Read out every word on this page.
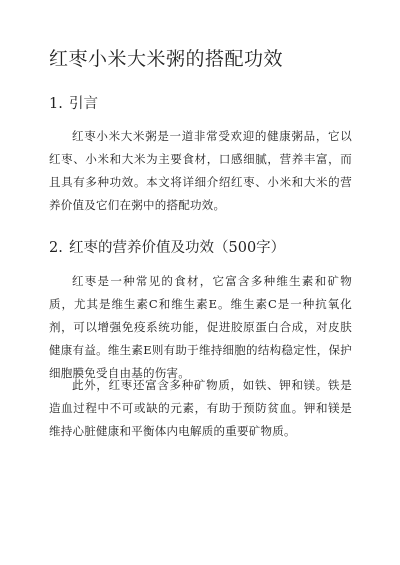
红枣小米大米粥的搭配功效
1. 引言

红枣小米大米粥是一道非常受欢迎的健康粥品，它以红枣、小米和大米为主要食材，口感细腻，营养丰富，而且具有多种功效。本文将详细介绍红枣、小米和大米的营养价值及它们在粥中的搭配功效。

2. 红枣的营养价值及功效（500字）

红枣是一种常见的食材，它富含多种维生素和矿物质，尤其是维生素C和维生素E。维生素C是一种抗氧化剂，可以增强免疫系统功能，促进胶原蛋白合成，对皮肤健康有益。维生素E则有助于维持细胞的结构稳定性，保护细胞膜免受自由基的伤害。

此外，红枣还富含多种矿物质，如铁、钾和镁。铁是造血过程中不可或缺的元素，有助于预防贫血。钾和镁是维持心脏健康和平衡体内电解质的重要矿物质。
